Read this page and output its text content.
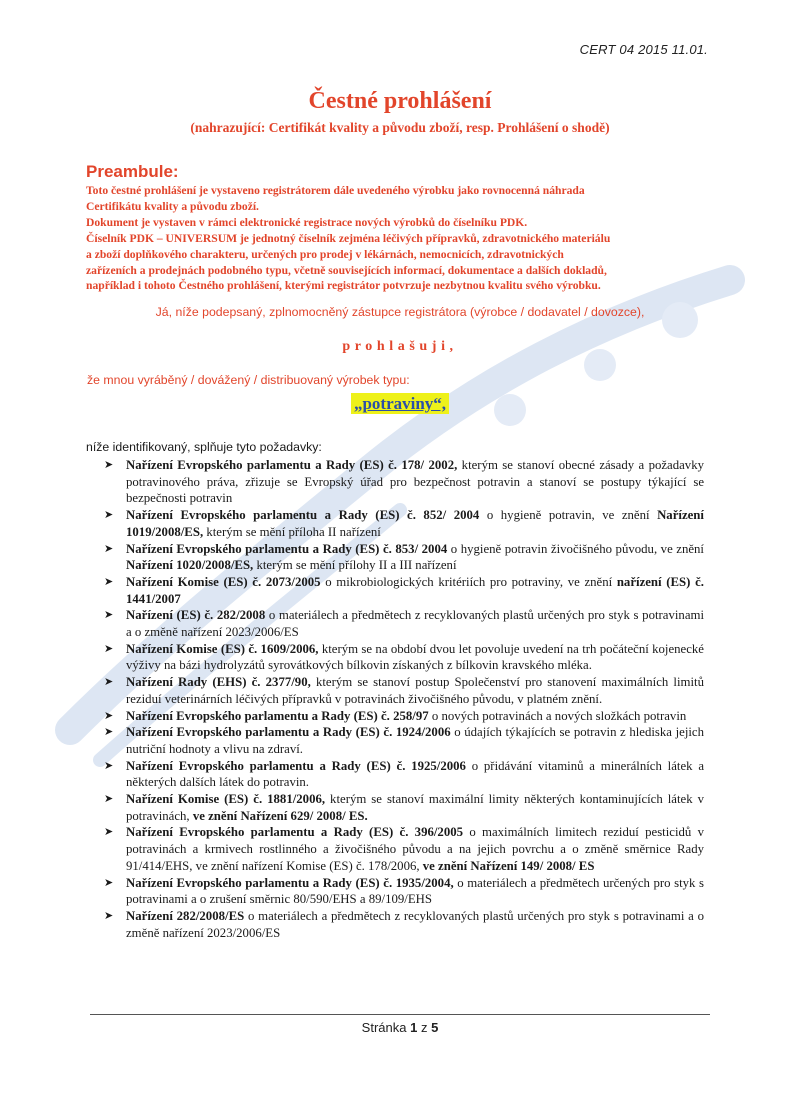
CERT 04 2015 11.01.
Čestné prohlášení
(nahrazující: Certifikát kvality a původu zboží, resp. Prohlášení o shodě)
Preambule:
Toto čestné prohlášení je vystaveno registrátorem dále uvedeného výrobku jako rovnocenná náhrada
Certifikátu kvality a původu zboží.
Dokument je vystaven v rámci elektronické registrace nových výrobků do číselníku PDK.
Číselník PDK – UNIVERSUM je jednotný číselník zejména léčivých přípravků, zdravotnického materiálu
a zboží doplňkového charakteru, určených pro prodej v lékárnách, nemocnicích, zdravotnických
zařízeních a prodejnách podobného typu, včetně souvisejících informací, dokumentace a dalších dokladů,
například i tohoto Čestného prohlášení, kterými registrátor potvrzuje nezbytnou kvalitu svého výrobku.
Já, níže podepsaný, zplnomocněný zástupce registrátora (výrobce / dodavatel / dovozce),
prohlašuji,
že mnou vyráběný / dovážený / distribuovaný výrobek typu:
„potraviny“,
níže identifikovaný, splňuje tyto požadavky:
➤ Nařízení Evropského parlamentu a Rady (ES) č. 178/ 2002, kterým se stanoví obecné zásady a požadavky potravinového práva, zřizuje se Evropský úřad pro bezpečnost potravin a stanoví se postupy týkající se bezpečnosti potravin
➤ Nařízení Evropského parlamentu a Rady (ES) č. 852/ 2004 o hygieně potravin, ve znění Nařízení 1019/2008/ES, kterým se mění příloha II nařízení
➤ Nařízení Evropského parlamentu a Rady (ES) č. 853/ 2004 o hygieně potravin živočišného původu, ve znění Nařízení 1020/2008/ES, kterým se mění přílohy II a III nařízení
➤ Nařízení Komise (ES) č. 2073/2005 o mikrobiologických kritériích pro potraviny, ve znění nařízení (ES) č. 1441/2007
➤ Nařízení (ES) č. 282/2008 o materiálech a předmětech z recyklovaných plastů určených pro styk s potravinami a o změně nařízení 2023/2006/ES
➤ Nařízení Komise (ES) č. 1609/2006, kterým se na období dvou let povoluje uvedení na trh počáteční kojenecké výživy na bázi hydrolyzátů syrovátkových bílkovin získaných z bílkovin kravského mléka.
➤ Nařízení Rady (EHS) č. 2377/90, kterým se stanoví postup Společenství pro stanovení maximálních limitů reziduí veterinárních léčivých přípravků v potravinách živočišného původu, v platném znění.
➤ Nařízení Evropského parlamentu a Rady (ES) č. 258/97 o nových potravinách a nových složkách potravin
➤ Nařízení Evropského parlamentu a Rady (ES) č. 1924/2006 o údajích týkajících se potravin z hlediska jejich nutriční hodnoty a vlivu na zdraví.
➤ Nařízení Evropského parlamentu a Rady (ES) č. 1925/2006 o přidávání vitaminů a minerálních látek a některých dalších látek do potravin.
➤ Nařízení Komise (ES) č. 1881/2006, kterým se stanoví maximální limity některých kontaminujících látek v potravinách, ve znění Nařízení 629/ 2008/ ES.
➤ Nařízení Evropského parlamentu a Rady (ES) č. 396/2005 o maximálních limitech reziduí pesticidů v potravinách a krmivech rostlinného a živočišného původu a na jejich povrchu a o změně směrnice Rady 91/414/EHS, ve znění nařízení Komise (ES) č. 178/2006, ve znění Nařízení 149/ 2008/ ES
➤ Nařízení Evropského parlamentu a Rady (ES) č. 1935/2004, o materiálech a předmětech určených pro styk s potravinami a o zrušení směrnic 80/590/EHS a 89/109/EHS
➤ Nařízení 282/2008/ES o materiálech a předmětech z recyklovaných plastů určených pro styk s potravinami a o změně nařízení 2023/2006/ES
Stránka 1 z 5
